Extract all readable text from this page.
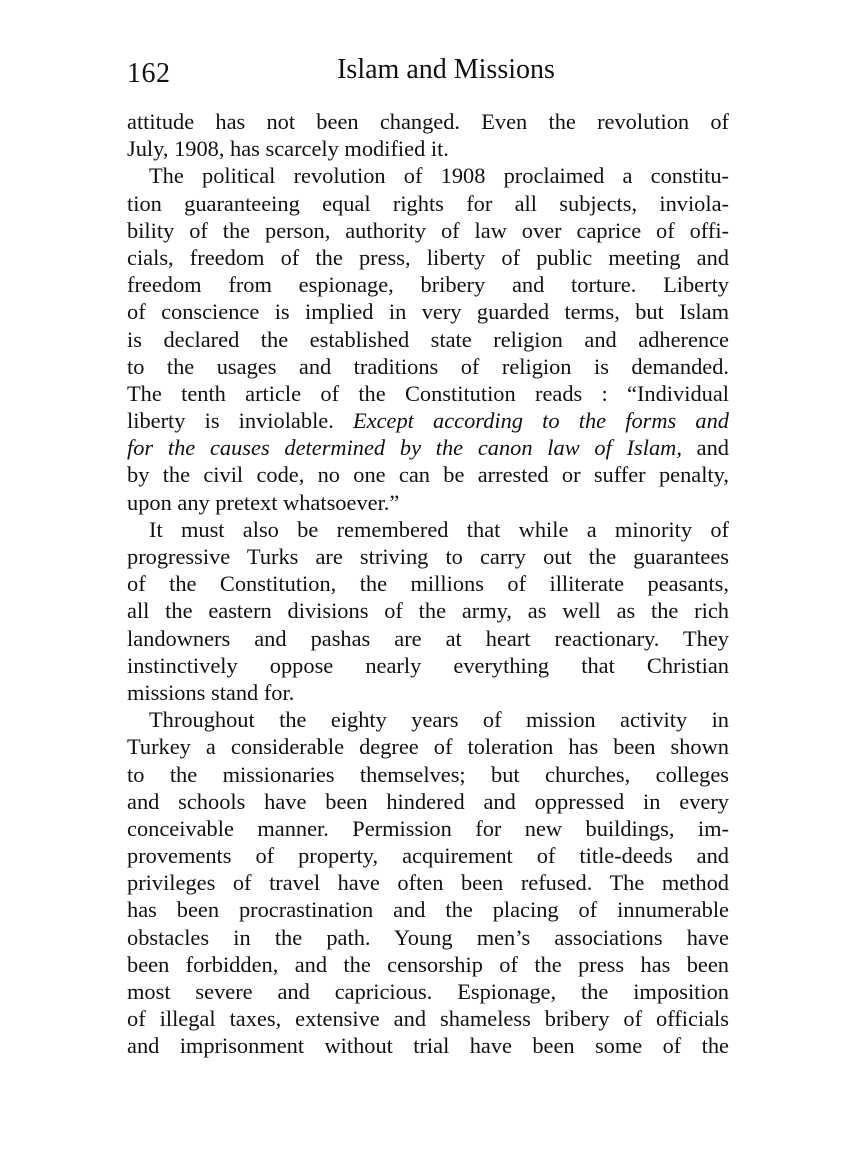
162	Islam and Missions
attitude has not been changed. Even the revolution of
July, 1908, has scarcely modified it.
The political revolution of 1908 proclaimed a constitu-
tion guaranteeing equal rights for all subjects, inviola-
bility of the person, authority of law over caprice of offi-
cials, freedom of the press, liberty of public meeting and
freedom from espionage, bribery and torture. Liberty
of conscience is implied in very guarded terms, but Islam
is declared the established state religion and adherence
to the usages and traditions of religion is demanded.
The tenth article of the Constitution reads : “Individual
liberty is inviolable. Except according to the forms and
for the causes determined by the canon law of Islam, and
by the civil code, no one can be arrested or suffer penalty,
upon any pretext whatsoever.”
It must also be remembered that while a minority of
progressive Turks are striving to carry out the guarantees
of the Constitution, the millions of illiterate peasants,
all the eastern divisions of the army, as well as the rich
landowners and pashas are at heart reactionary. They
instinctively oppose nearly everything that Christian
missions stand for.
Throughout the eighty years of mission activity in
Turkey a considerable degree of toleration has been shown
to the missionaries themselves; but churches, colleges
and schools have been hindered and oppressed in every
conceivable manner. Permission for new buildings, im-
provements of property, acquirement of title-deeds and
privileges of travel have often been refused. The method
has been procrastination and the placing of innumerable
obstacles in the path. Young men’s associations have
been forbidden, and the censorship of the press has been
most severe and capricious. Espionage, the imposition
of illegal taxes, extensive and shameless bribery of officials
and imprisonment without trial have been some of the
